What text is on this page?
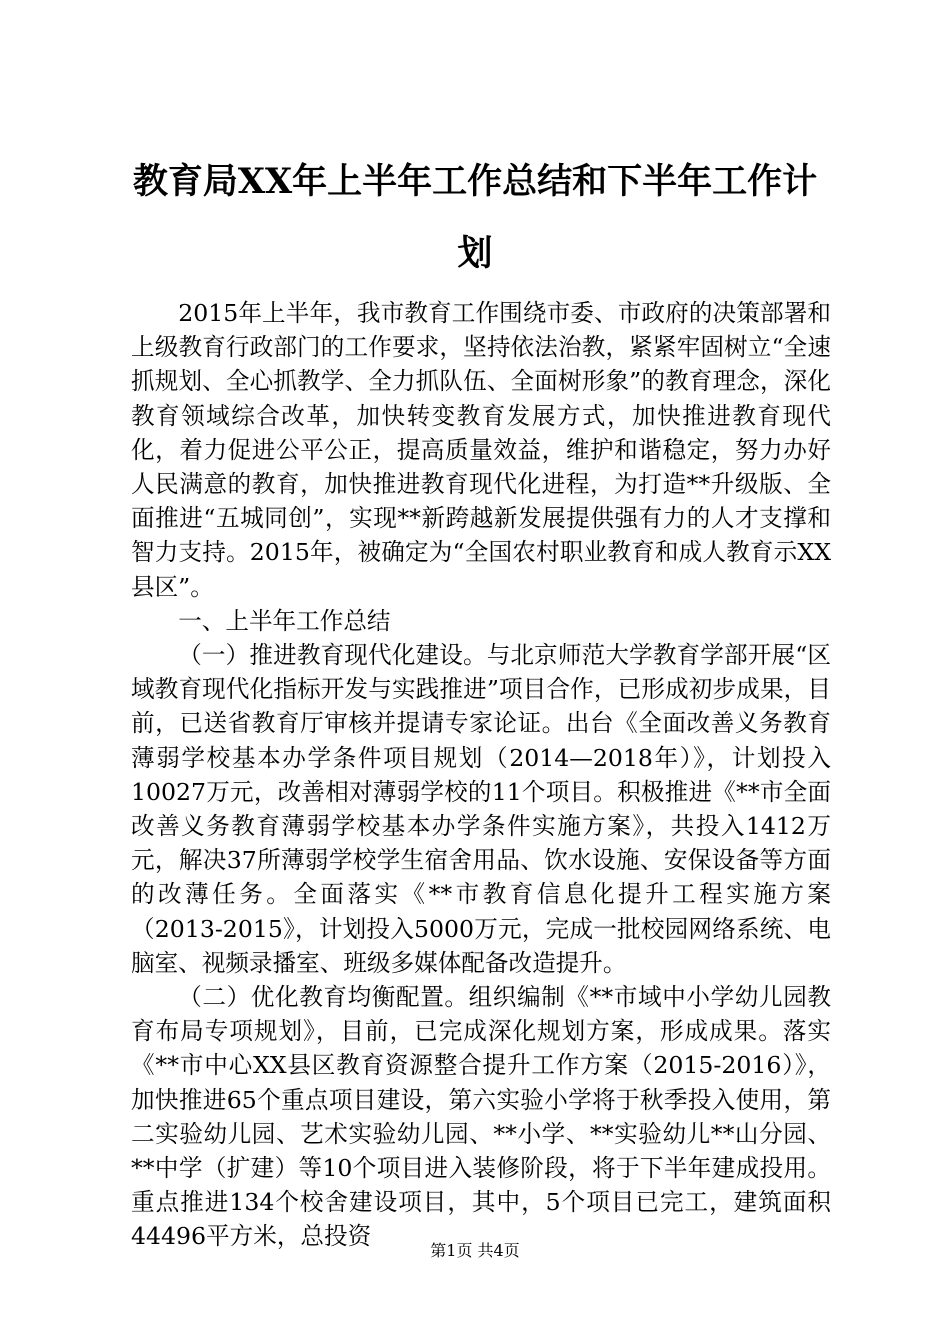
教育局XX年上半年工作总结和下半年工作计划

2015年上半年，我市教育工作围绕市委、市政府的决策部署和上级教育行政部门的工作要求，坚持依法治教，紧紧牢固树立“全速抓规划、全心抓教学、全力抓队伍、全面树形象”的教育理念，深化教育领域综合改革，加快转变教育发展方式，加快推进教育现代化，着力促进公平公正，提高质量效益，维护和谐稳定，努力办好人民满意的教育，加快推进教育现代化进程，为打造**升级版、全面推进“五城同创”，实现**新跨越新发展提供强有力的人才支撑和智力支持。2015年，被确定为“全国农村职业教育和成人教育示XX县区”。

一、上半年工作总结

（一）推进教育现代化建设。与北京师范大学教育学部开展“区域教育现代化指标开发与实践推进”项目合作，已形成初步成果，目前，已送省教育厅审核并提请专家论证。出台《全面改善义务教育薄弱学校基本办学条件项目规划（2014—2018年）》，计划投入10027万元，改善相对薄弱学校的11个项目。积极推进《**市全面改善义务教育薄弱学校基本办学条件实施方案》，共投入1412万元，解决37所薄弱学校学生宿舍用品、饮水设施、安保设备等方面的改薄任务。全面落实《**市教育信息化提升工程实施方案（2013-2015》，计划投入5000万元，完成一批校园网络系统、电脑室、视频录播室、班级多媒体配备改造提升。

（二）优化教育均衡配置。组织编制《**市域中小学幼儿园教育布局专项规划》，目前，已完成深化规划方案，形成成果。落实《**市中心XX县区教育资源整合提升工作方案（2015-2016）》，加快推进65个重点项目建设，第六实验小学将于秋季投入使用，第二实验幼儿园、艺术实验幼儿园、**小学、**实验幼儿**山分园、**中学（扩建）等10个项目进入装修阶段，将于下半年建成投用。重点推进134个校舍建设项目，其中，5个项目已完工，建筑面积44496平方米，总投资

第1页 共4页
